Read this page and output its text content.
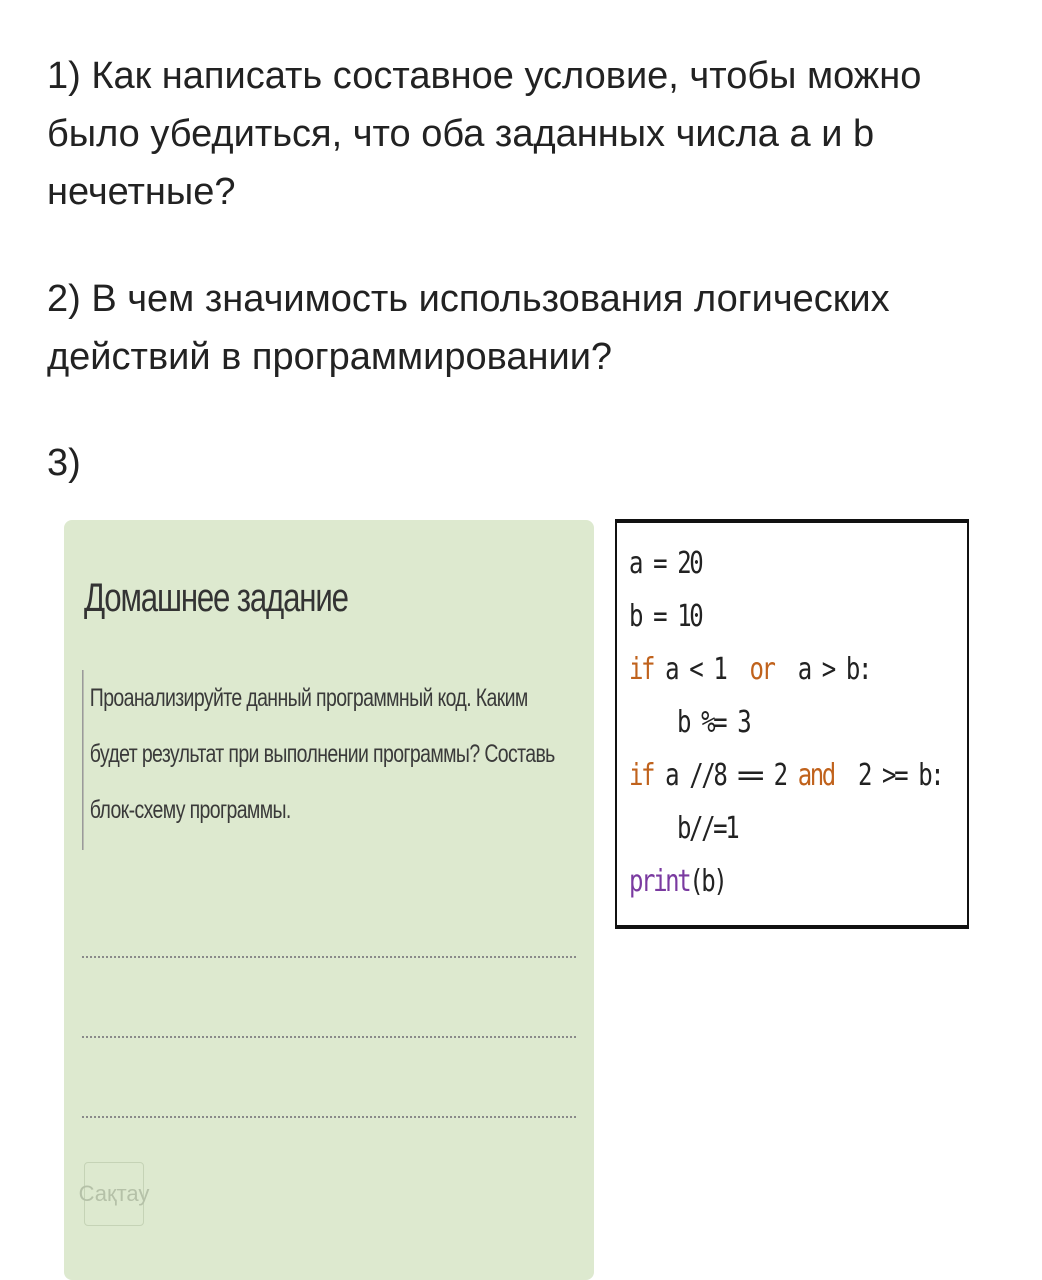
1) Как написать составное условие, чтобы можно было убедиться, что оба заданных числа a и b нечетные?

2) В чем значимость использования логических действий в программировании?

3)

Домашнее задание
Проанализируйте данный программный код. Каким будет результат при выполнении программы? Составь блок-схему программы.
Сақтау
a = 20
b = 10
if a < 1  or  a > b:
b %= 3
if a //8 == 2 and  2 >= b:
b//=1
print(b)
